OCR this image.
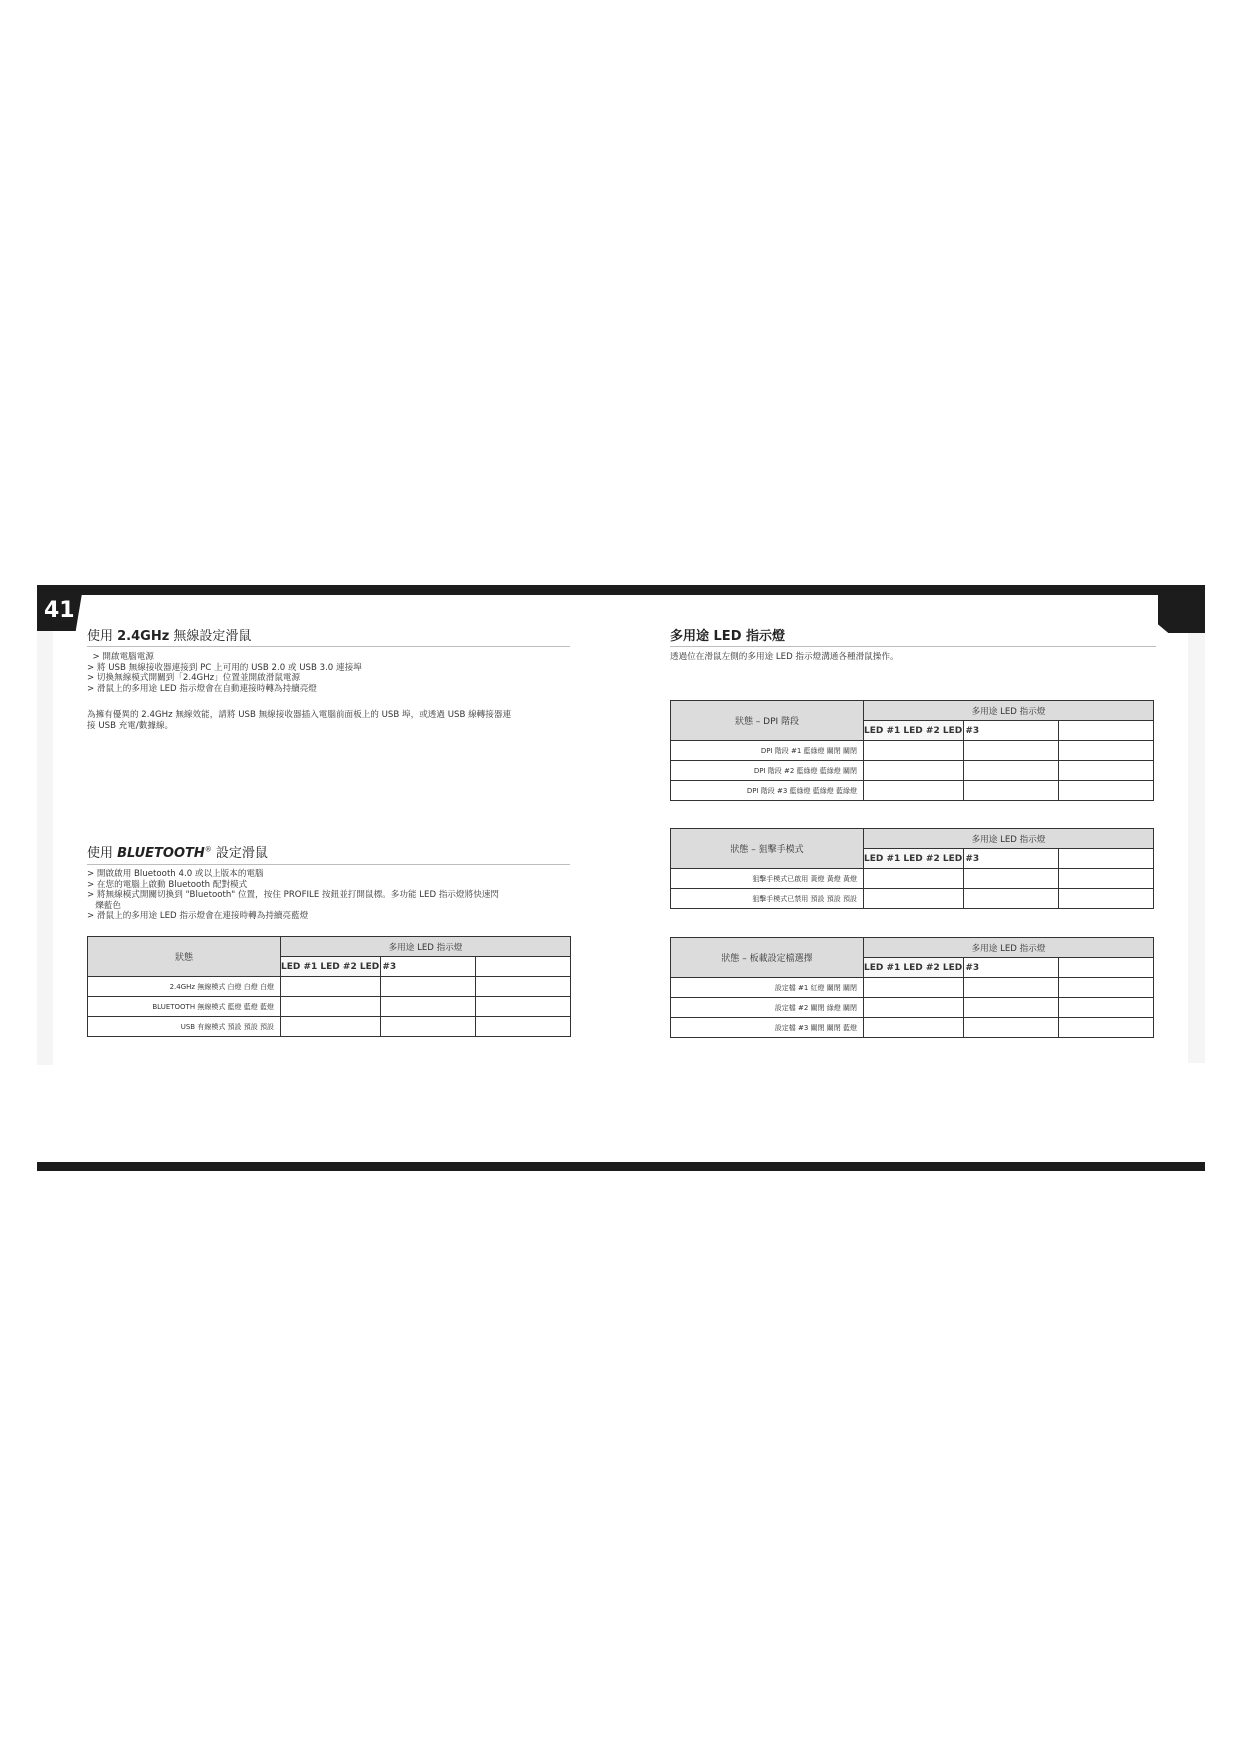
41
使用 2.4GHz 無線設定滑鼠
> 開啟電腦電源
> 將 USB 無線接收器連接到 PC 上可用的 USB 2.0 或 USB 3.0 連接埠
> 切換無線模式開關到「2.4GHz」位置並開啟滑鼠電源
> 滑鼠上的多用途 LED 指示燈會在自動連接時轉為持續亮燈
為擁有優異的 2.4GHz 無線效能，請將 USB 無線接收器插入電腦前面板上的 USB 埠，或透過 USB 線轉接器連
接 USB 充電/數據線。
使用 BLUETOOTH® 設定滑鼠
> 開啟啟用 Bluetooth 4.0 或以上版本的電腦
> 在您的電腦上啟動 Bluetooth 配對模式
> 將無線模式開關切換到 "Bluetooth" 位置，按住 PROFILE 按鈕並打開鼠標。多功能 LED 指示燈將快速閃
爍藍色
> 滑鼠上的多用途 LED 指示燈會在連接時轉為持續亮藍燈
狀態	多用途 LED 指示燈		
	LED #1 LED #2 LED #3		
2.4GHz 無線模式 白燈 白燈 白燈			
BLUETOOTH 無線模式 藍燈 藍燈 藍燈			
USB 有線模式 預設 預設 預設			
多用途 LED 指示燈
透過位在滑鼠左側的多用途 LED 指示燈溝通各種滑鼠操作。
狀態 – DPI 階段	多用途 LED 指示燈		
	LED #1 LED #2 LED #3		
DPI 階段 #1 藍綠燈 關閉 關閉			
DPI 階段 #2 藍綠燈 藍綠燈 關閉			
DPI 階段 #3 藍綠燈 藍綠燈 藍綠燈			
狀態 – 狙擊手模式	多用途 LED 指示燈		
	LED #1 LED #2 LED #3		
狙擊手模式已啟用 黃燈 黃燈 黃燈			
狙擊手模式已禁用 預設 預設 預設			
狀態 – 板載設定檔選擇	多用途 LED 指示燈		
	LED #1 LED #2 LED #3		
設定檔 #1 紅燈 關閉 關閉			
設定檔 #2 關閉 綠燈 關閉			
設定檔 #3 關閉 關閉 藍燈			
